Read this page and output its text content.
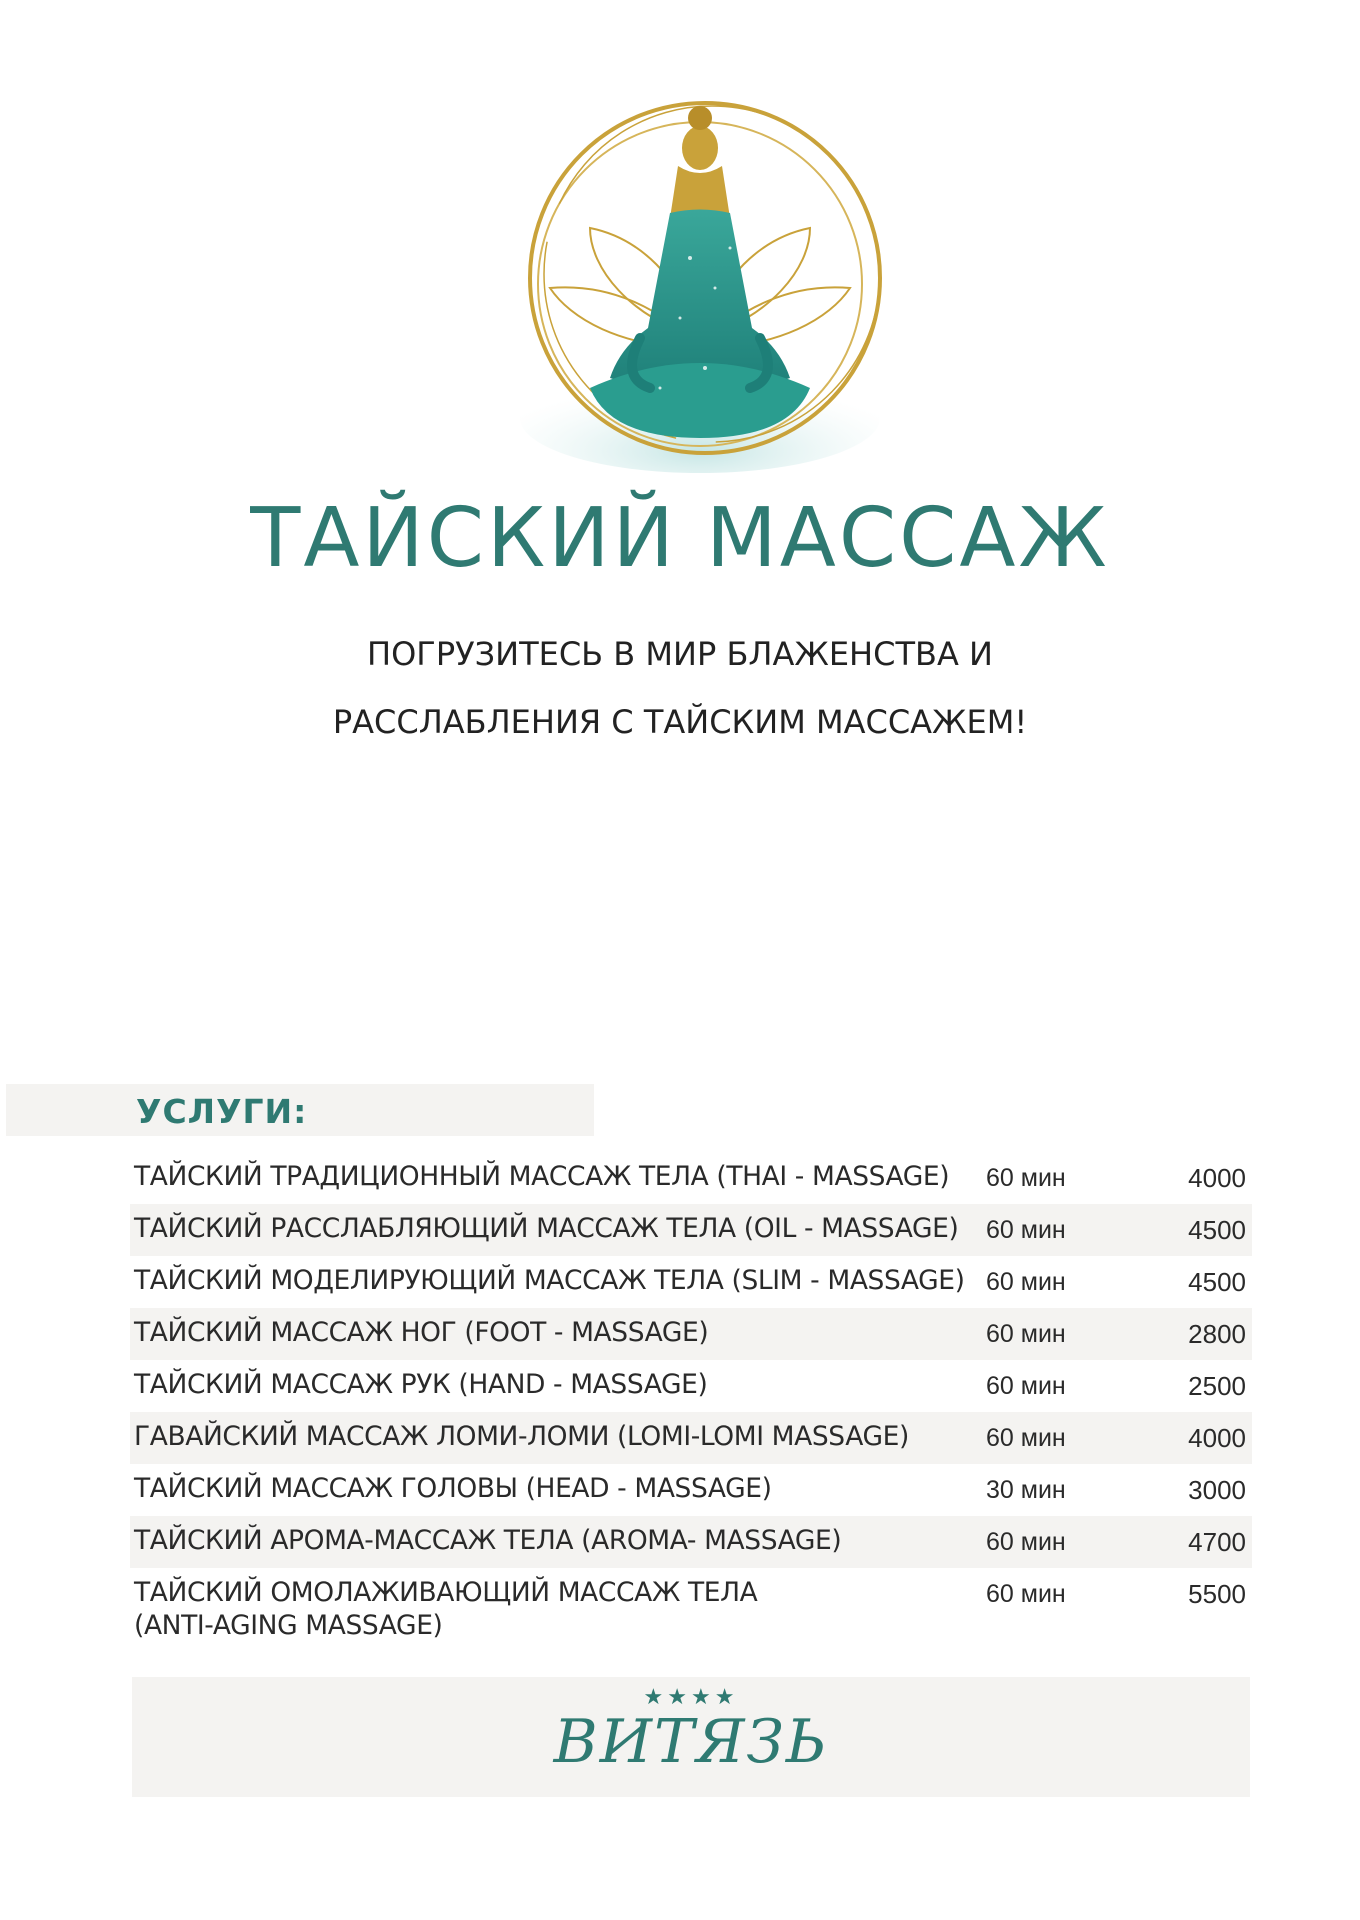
ТАЙСКИЙ МАССАЖ
ПОГРУЗИТЕСЬ В МИР БЛАЖЕНСТВА И
РАССЛАБЛЕНИЯ С ТАЙСКИМ МАССАЖЕМ!
УСЛУГИ:
ТАЙСКИЙ ТРАДИЦИОННЫЙ МАССАЖ ТЕЛА (THAI - MASSAGE) 60 мин	4000
ТАЙСКИЙ РАССЛАБЛЯЮЩИЙ МАССАЖ ТЕЛА (OIL - MASSAGE) 60 мин	4500
ТАЙСКИЙ МОДЕЛИРУЮЩИЙ МАССАЖ ТЕЛА (SLIM - MASSAGE) 60 мин	4500
ТАЙСКИЙ МАССАЖ НОГ (FOOT - MASSAGE)	60 мин	2800
ТАЙСКИЙ МАССАЖ РУК (HAND - MASSAGE)	60 мин	2500
ГАВАЙСКИЙ МАССАЖ ЛОМИ-ЛОМИ (LOMI-LOMI MASSAGE)	60 мин	4000
ТАЙСКИЙ МАССАЖ ГОЛОВЫ (HEAD - MASSAGE)	30 мин	3000
ТАЙСКИЙ АРОМА-МАССАЖ ТЕЛА (AROMA- MASSAGE)	60 мин	4700
ТАЙСКИЙ ОМОЛАЖИВАЮЩИЙ МАССАЖ ТЕЛА
(ANTI-AGING MASSAGE)
60 мин	5500
★★★★
ВИТЯЗЬ
